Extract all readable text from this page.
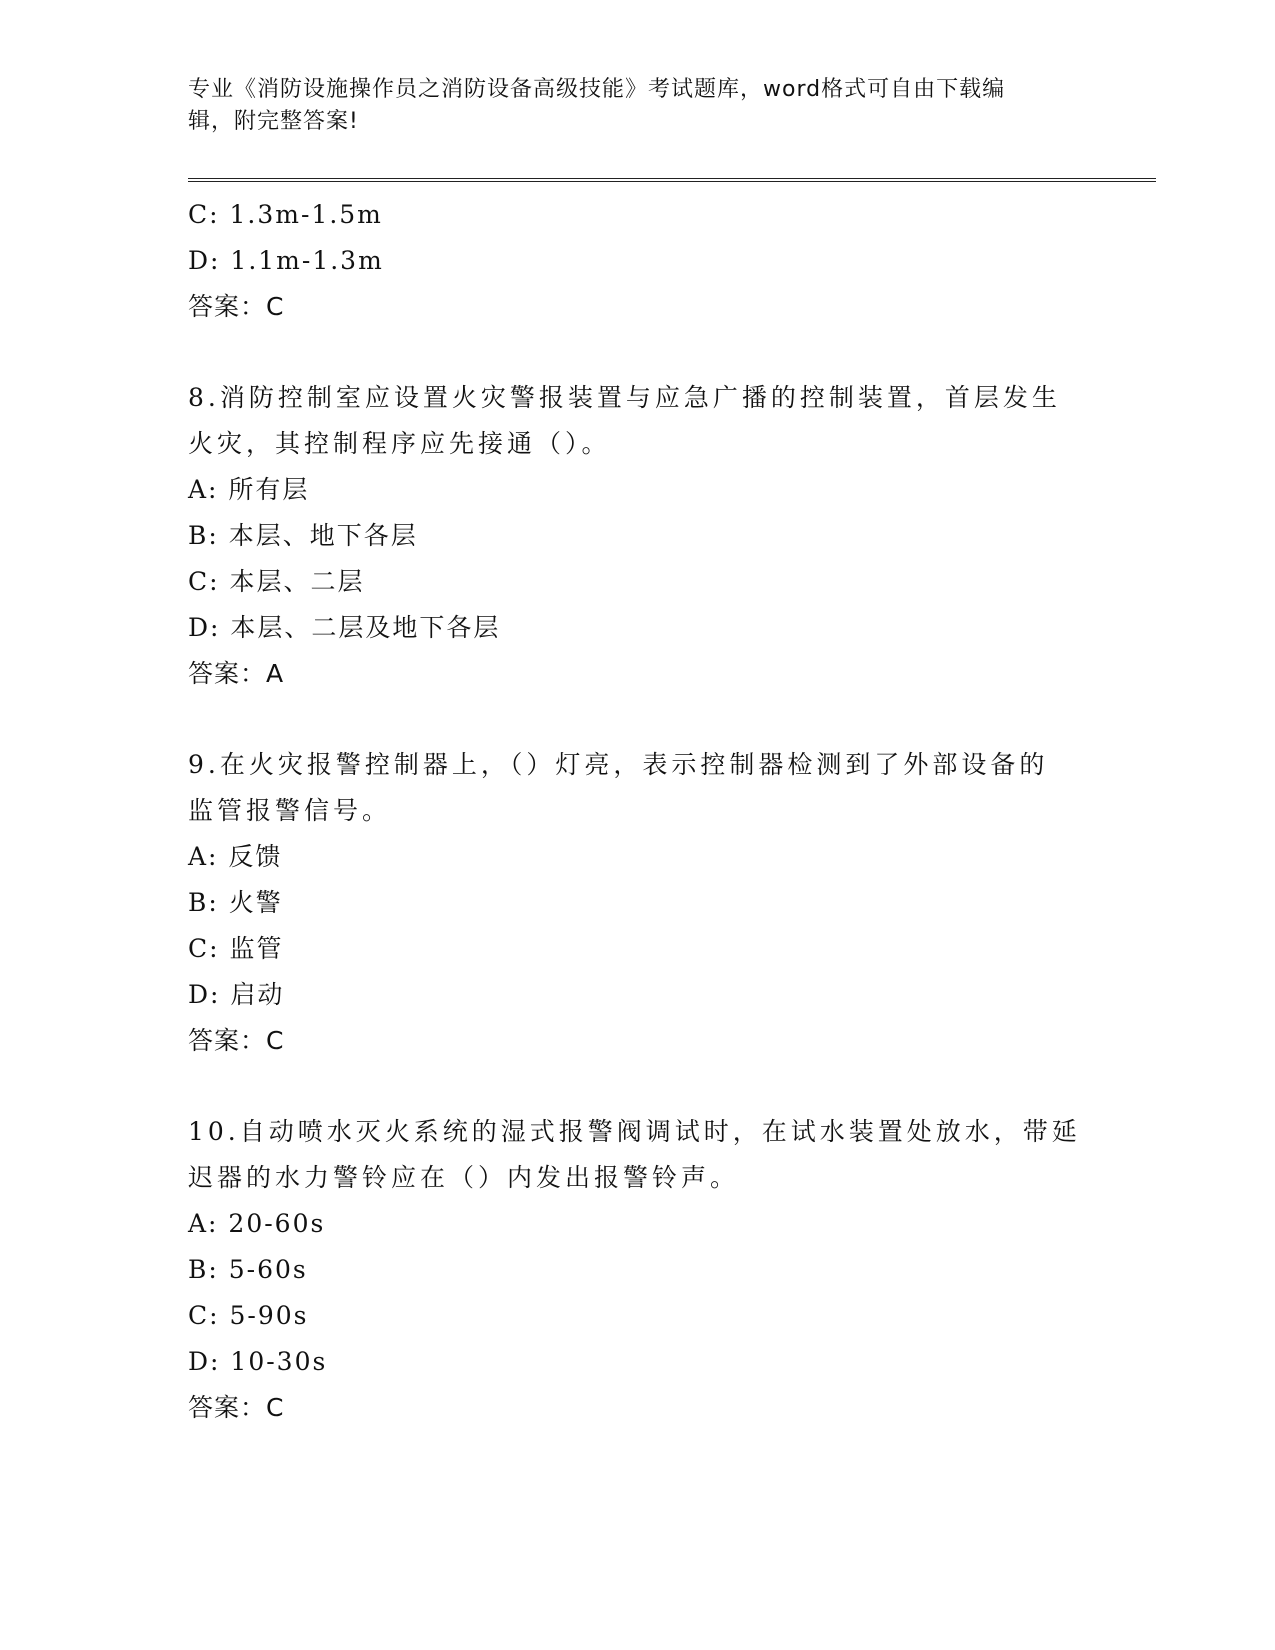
专业《消防设施操作员之消防设备高级技能》考试题库，word格式可自由下载编
辑，附完整答案!
C: 1.3m-1.5m
D: 1.1m-1.3m
答案：C
8.消防控制室应设置火灾警报装置与应急广播的控制装置，首层发生
火灾，其控制程序应先接通（）。
A: 所有层
B: 本层、地下各层
C: 本层、二层
D: 本层、二层及地下各层
答案：A
9.在火灾报警控制器上，（）灯亮，表示控制器检测到了外部设备的
监管报警信号。
A: 反馈
B: 火警
C: 监管
D: 启动
答案：C
10.自动喷水灭火系统的湿式报警阀调试时，在试水装置处放水，带延
迟器的水力警铃应在（）内发出报警铃声。
A: 20-60s
B: 5-60s
C: 5-90s
D: 10-30s
答案：C
